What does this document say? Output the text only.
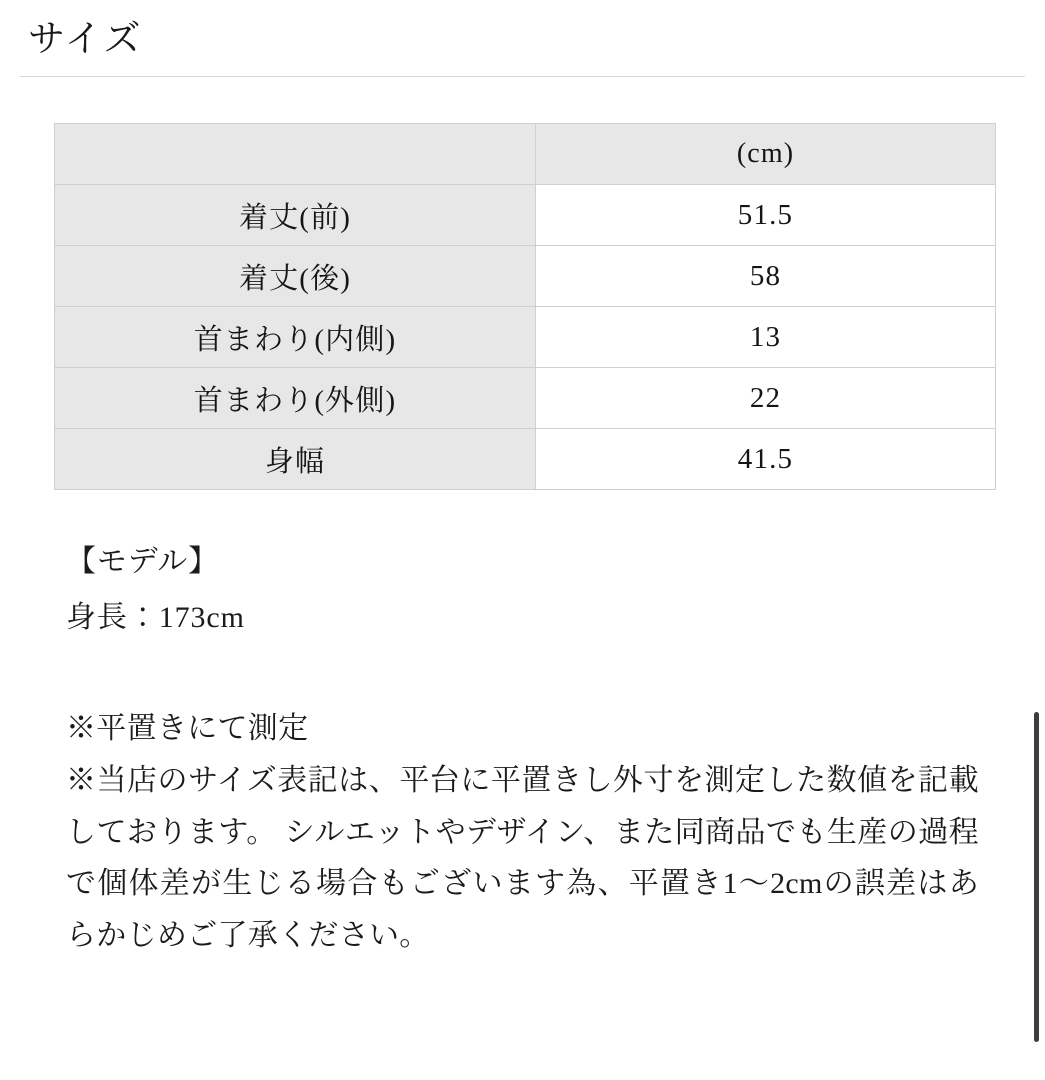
サイズ
	(cm)
着丈(前)	51.5
着丈(後)	58
首まわり(内側)	13
首まわり(外側)	22
身幅	41.5
【モデル】
身長：173cm

※平置きにて測定

※当店のサイズ表記は、平台に平置きし外寸を測定した数値を記載しております。 シルエットやデザイン、また同商品でも生産の過程で個体差が生じる場合もございます為、平置き1〜2cmの誤差はあらかじめご了承ください。
